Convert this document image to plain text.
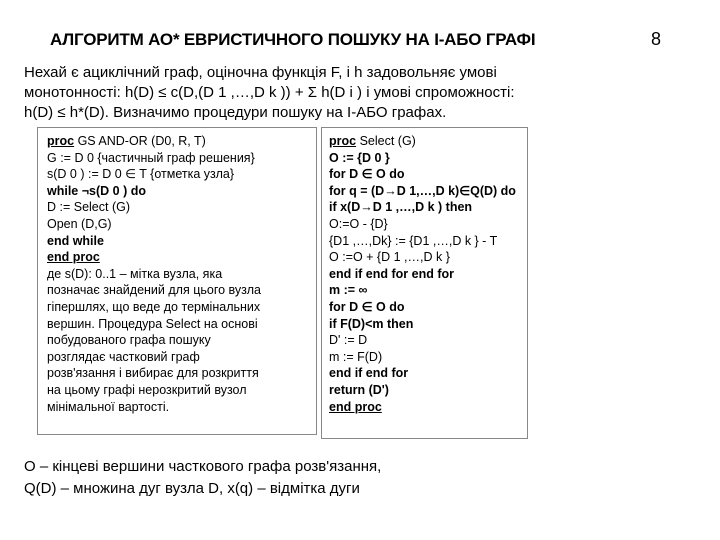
АЛГОРИТМ АО* ЕВРИСТИЧНОГО ПОШУКУ НА І-АБО ГРАФІ	8
Нехай є ациклічний граф, оціночна функція F, і h задовольняє умові
монотонності: h(D) ≤ c(D,(D 1 ,…,D k )) + Σ h(D i ) і умові спроможності:
h(D) ≤ h*(D). Визначимо процедури пошуку на І-АБО графах.
proc GS AND-OR (D0, R, T)
G := D 0 {частичный граф решения}
s(D 0 ) := D 0 ∈ T {отметка узла}
while ¬s(D 0 ) do
D := Select (G)
Open (D,G)
end while
end proc
де s(D): 0..1 – мітка вузла, яка
позначає знайдений для цього вузла
гіпершлях, що веде до термінальних
вершин. Процедура Select на основі
побудованого графа пошуку
розглядає частковий граф
розв'язання і вибирає для розкриття
на цьому графі нерозкритий вузол
мінімальної вартості.
proc Select (G)
O := {D 0 }
for D ∈ O do
for q = (D→D 1,…,D k)∈Q(D) do
if x(D→D 1 ,…,D k ) then
O:=O - {D}
{D1 ,…,Dk} := {D1 ,…,D k } - T
O :=O + {D 1 ,…,D k }
end if end for end for
m := ∞
for D ∈ O do
if F(D)<m then
D' := D
m := F(D)
end if end for
return (D')
end proc
O – кінцеві вершини часткового графа розв'язання,
Q(D) – множина дуг вузла D, x(q) – відмітка дуги
